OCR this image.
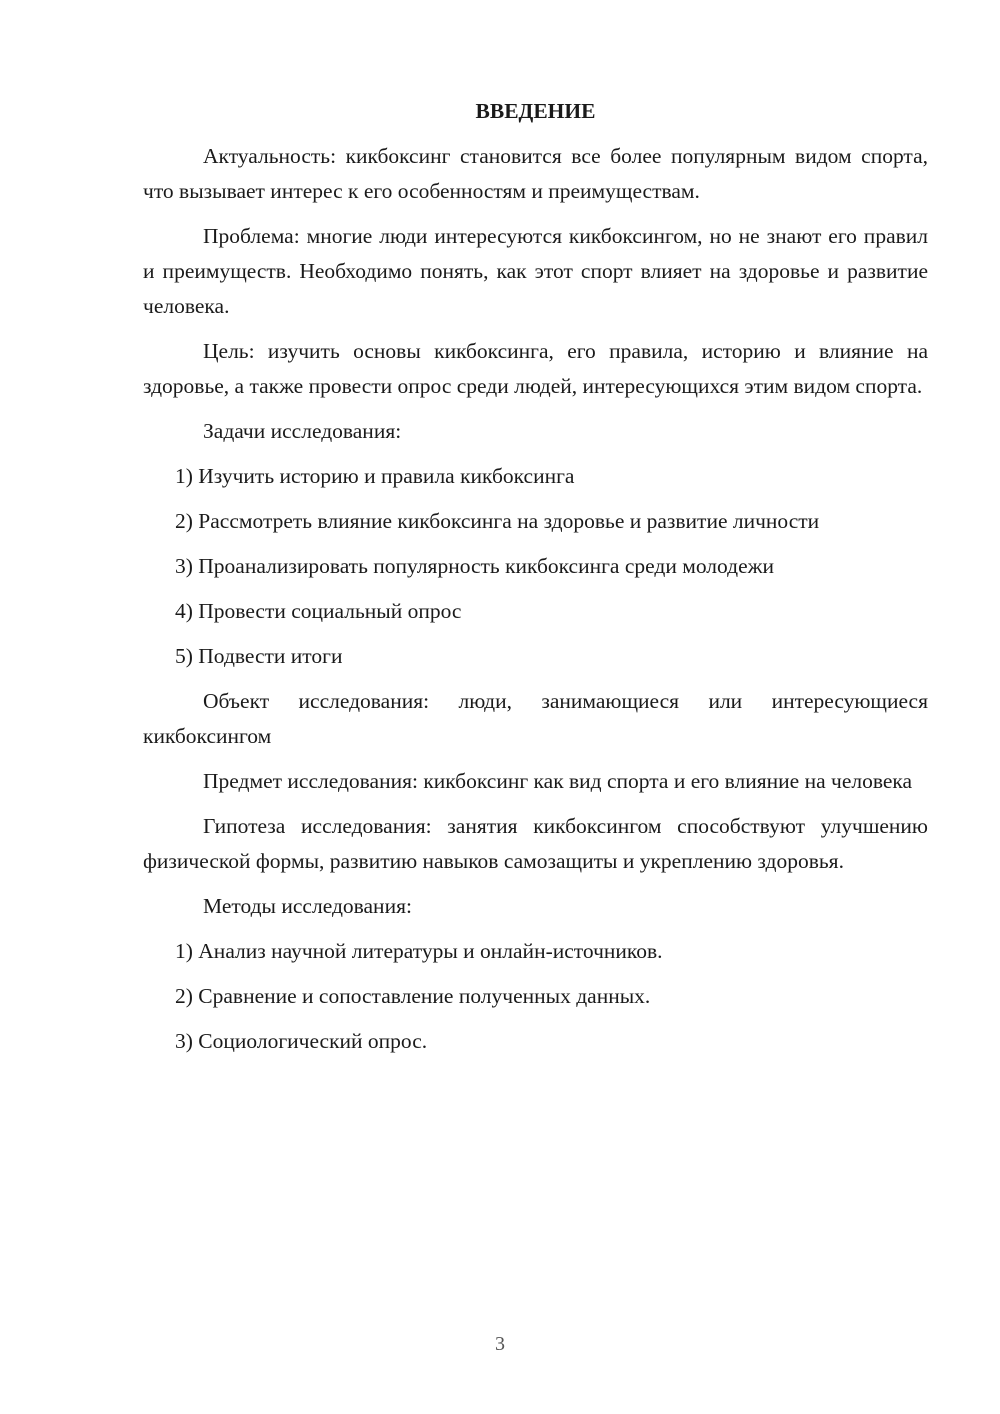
ВВЕДЕНИЕ

Актуальность: кикбоксинг становится все более популярным видом спорта, что вызывает интерес к его особенностям и преимуществам.

Проблема: многие люди интересуются кикбоксингом, но не знают его правил и преимуществ. Необходимо понять, как этот спорт влияет на здоровье и развитие человека.

Цель: изучить основы кикбоксинга, его правила, историю и влияние на здоровье, а также провести опрос среди людей, интересующихся этим видом спорта.

Задачи исследования:

1) Изучить историю и правила кикбоксинга

2) Рассмотреть влияние кикбоксинга на здоровье и развитие личности

3) Проанализировать популярность кикбоксинга среди молодежи

4) Провести социальный опрос

5) Подвести итоги

Объект исследования: люди, занимающиеся или интересующиеся кикбоксингом

Предмет исследования: кикбоксинг как вид спорта и его влияние на человека

Гипотеза исследования: занятия кикбоксингом способствуют улучшению физической формы, развитию навыков самозащиты и укреплению здоровья.

Методы исследования:

1) Анализ научной литературы и онлайн-источников.

2) Сравнение и сопоставление полученных данных.

3) Социологический опрос.

3
